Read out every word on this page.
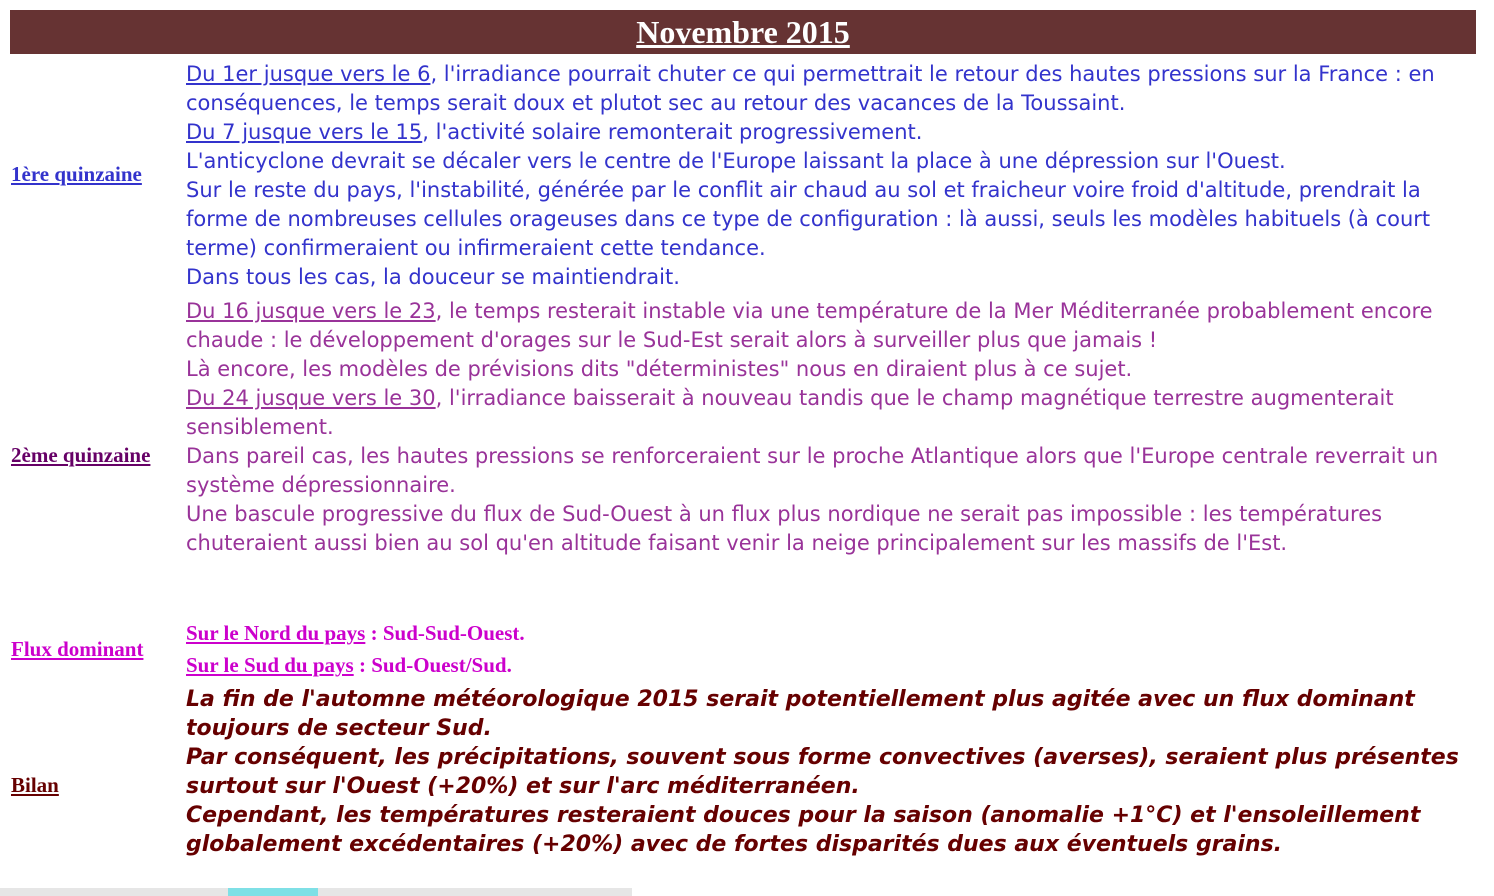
Novembre 2015
1ère quinzaine

Du 1er jusque vers le 6, l'irradiance pourrait chuter ce qui permettrait le retour des hautes pressions sur la France : en conséquences, le temps serait doux et plutot sec au retour des vacances de la Toussaint.

Du 7 jusque vers le 15, l'activité solaire remonterait progressivement.

L'anticyclone devrait se décaler vers le centre de l'Europe laissant la place à une dépression sur l'Ouest.

Sur le reste du pays, l'instabilité, générée par le conflit air chaud au sol et fraicheur voire froid d'altitude, prendrait la forme de nombreuses cellules orageuses dans ce type de configuration : là aussi, seuls les modèles habituels (à court terme) confirmeraient ou infirmeraient cette tendance.

Dans tous les cas, la douceur se maintiendrait.

2ème quinzaine

Du 16 jusque vers le 23, le temps resterait instable via une température de la Mer Méditerranée probablement encore chaude : le développement d'orages sur le Sud-Est serait alors à surveiller plus que jamais !

Là encore, les modèles de prévisions dits "déterministes" nous en diraient plus à ce sujet.

Du 24 jusque vers le 30, l'irradiance baisserait à nouveau tandis que le champ magnétique terrestre augmenterait sensiblement.

Dans pareil cas, les hautes pressions se renforceraient sur le proche Atlantique alors que l'Europe centrale reverrait un système dépressionnaire.

Une bascule progressive du flux de Sud-Ouest à un flux plus nordique ne serait pas impossible : les températures chuteraient aussi bien au sol qu'en altitude faisant venir la neige principalement sur les massifs de l'Est.

Flux dominant

Sur le Nord du pays : Sud-Sud-Ouest.

Sur le Sud du pays : Sud-Ouest/Sud.

Bilan

La fin de l'automne météorologique 2015 serait potentiellement plus agitée avec un flux dominant toujours de secteur Sud.

Par conséquent, les précipitations, souvent sous forme convectives (averses), seraient plus présentes surtout sur l'Ouest (+20%) et sur l'arc méditerranéen.

Cependant, les températures resteraient douces pour la saison (anomalie +1°C) et l'ensoleillement globalement excédentaires (+20%) avec de fortes disparités dues aux éventuels grains.
